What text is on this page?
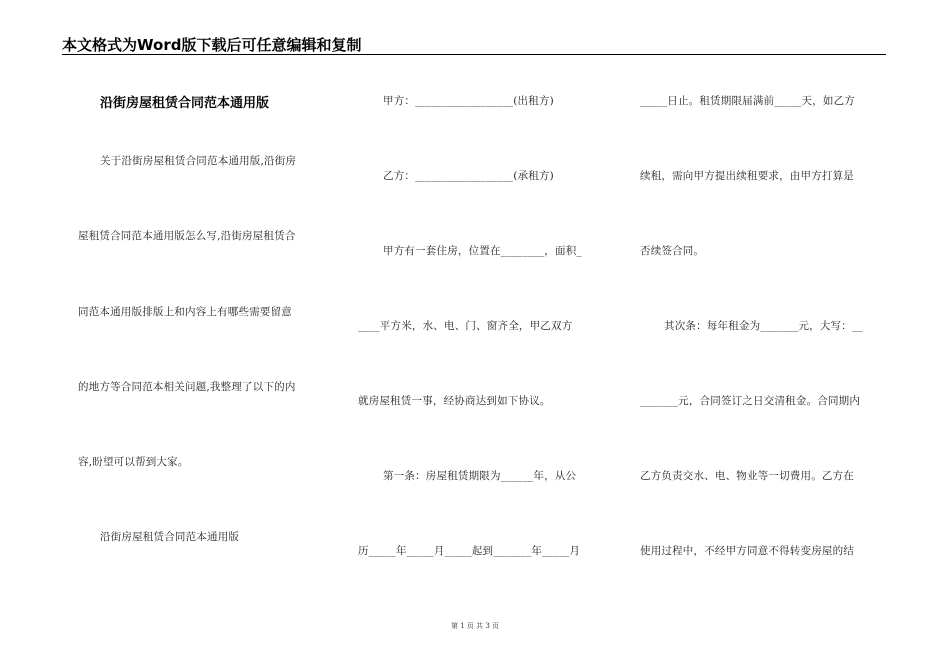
本文格式为Word版下载后可任意编辑和复制
沿街房屋租赁合同范本通用版
关于沿街房屋租赁合同范本通用版,沿街房
屋租赁合同范本通用版怎么写,沿街房屋租赁合
同范本通用版排版上和内容上有哪些需要留意
的地方等合同范本相关问题,我整理了以下的内
容,盼望可以帮到大家。
沿街房屋租赁合同范本通用版
甲方：__________________(出租方)
乙方：__________________(承租方)
甲方有一套住房，位置在________，面积_
____平方米，水、电、门、窗齐全，甲乙双方
就房屋租赁一事，经协商达到如下协议。
第一条：房屋租赁期限为______年，从公
历_____年_____月_____起到_______年_____月
_____日止。租赁期限届满前_____天，如乙方
续租，需向甲方提出续租要求，由甲方打算是
否续签合同。
其次条：每年租金为_______元，大写：__
_______元，合同签订之日交清租金。合同期内
乙方负责交水、电、物业等一切费用。乙方在
使用过程中，不经甲方同意不得转变房屋的结
第 1 页 共 3 页
